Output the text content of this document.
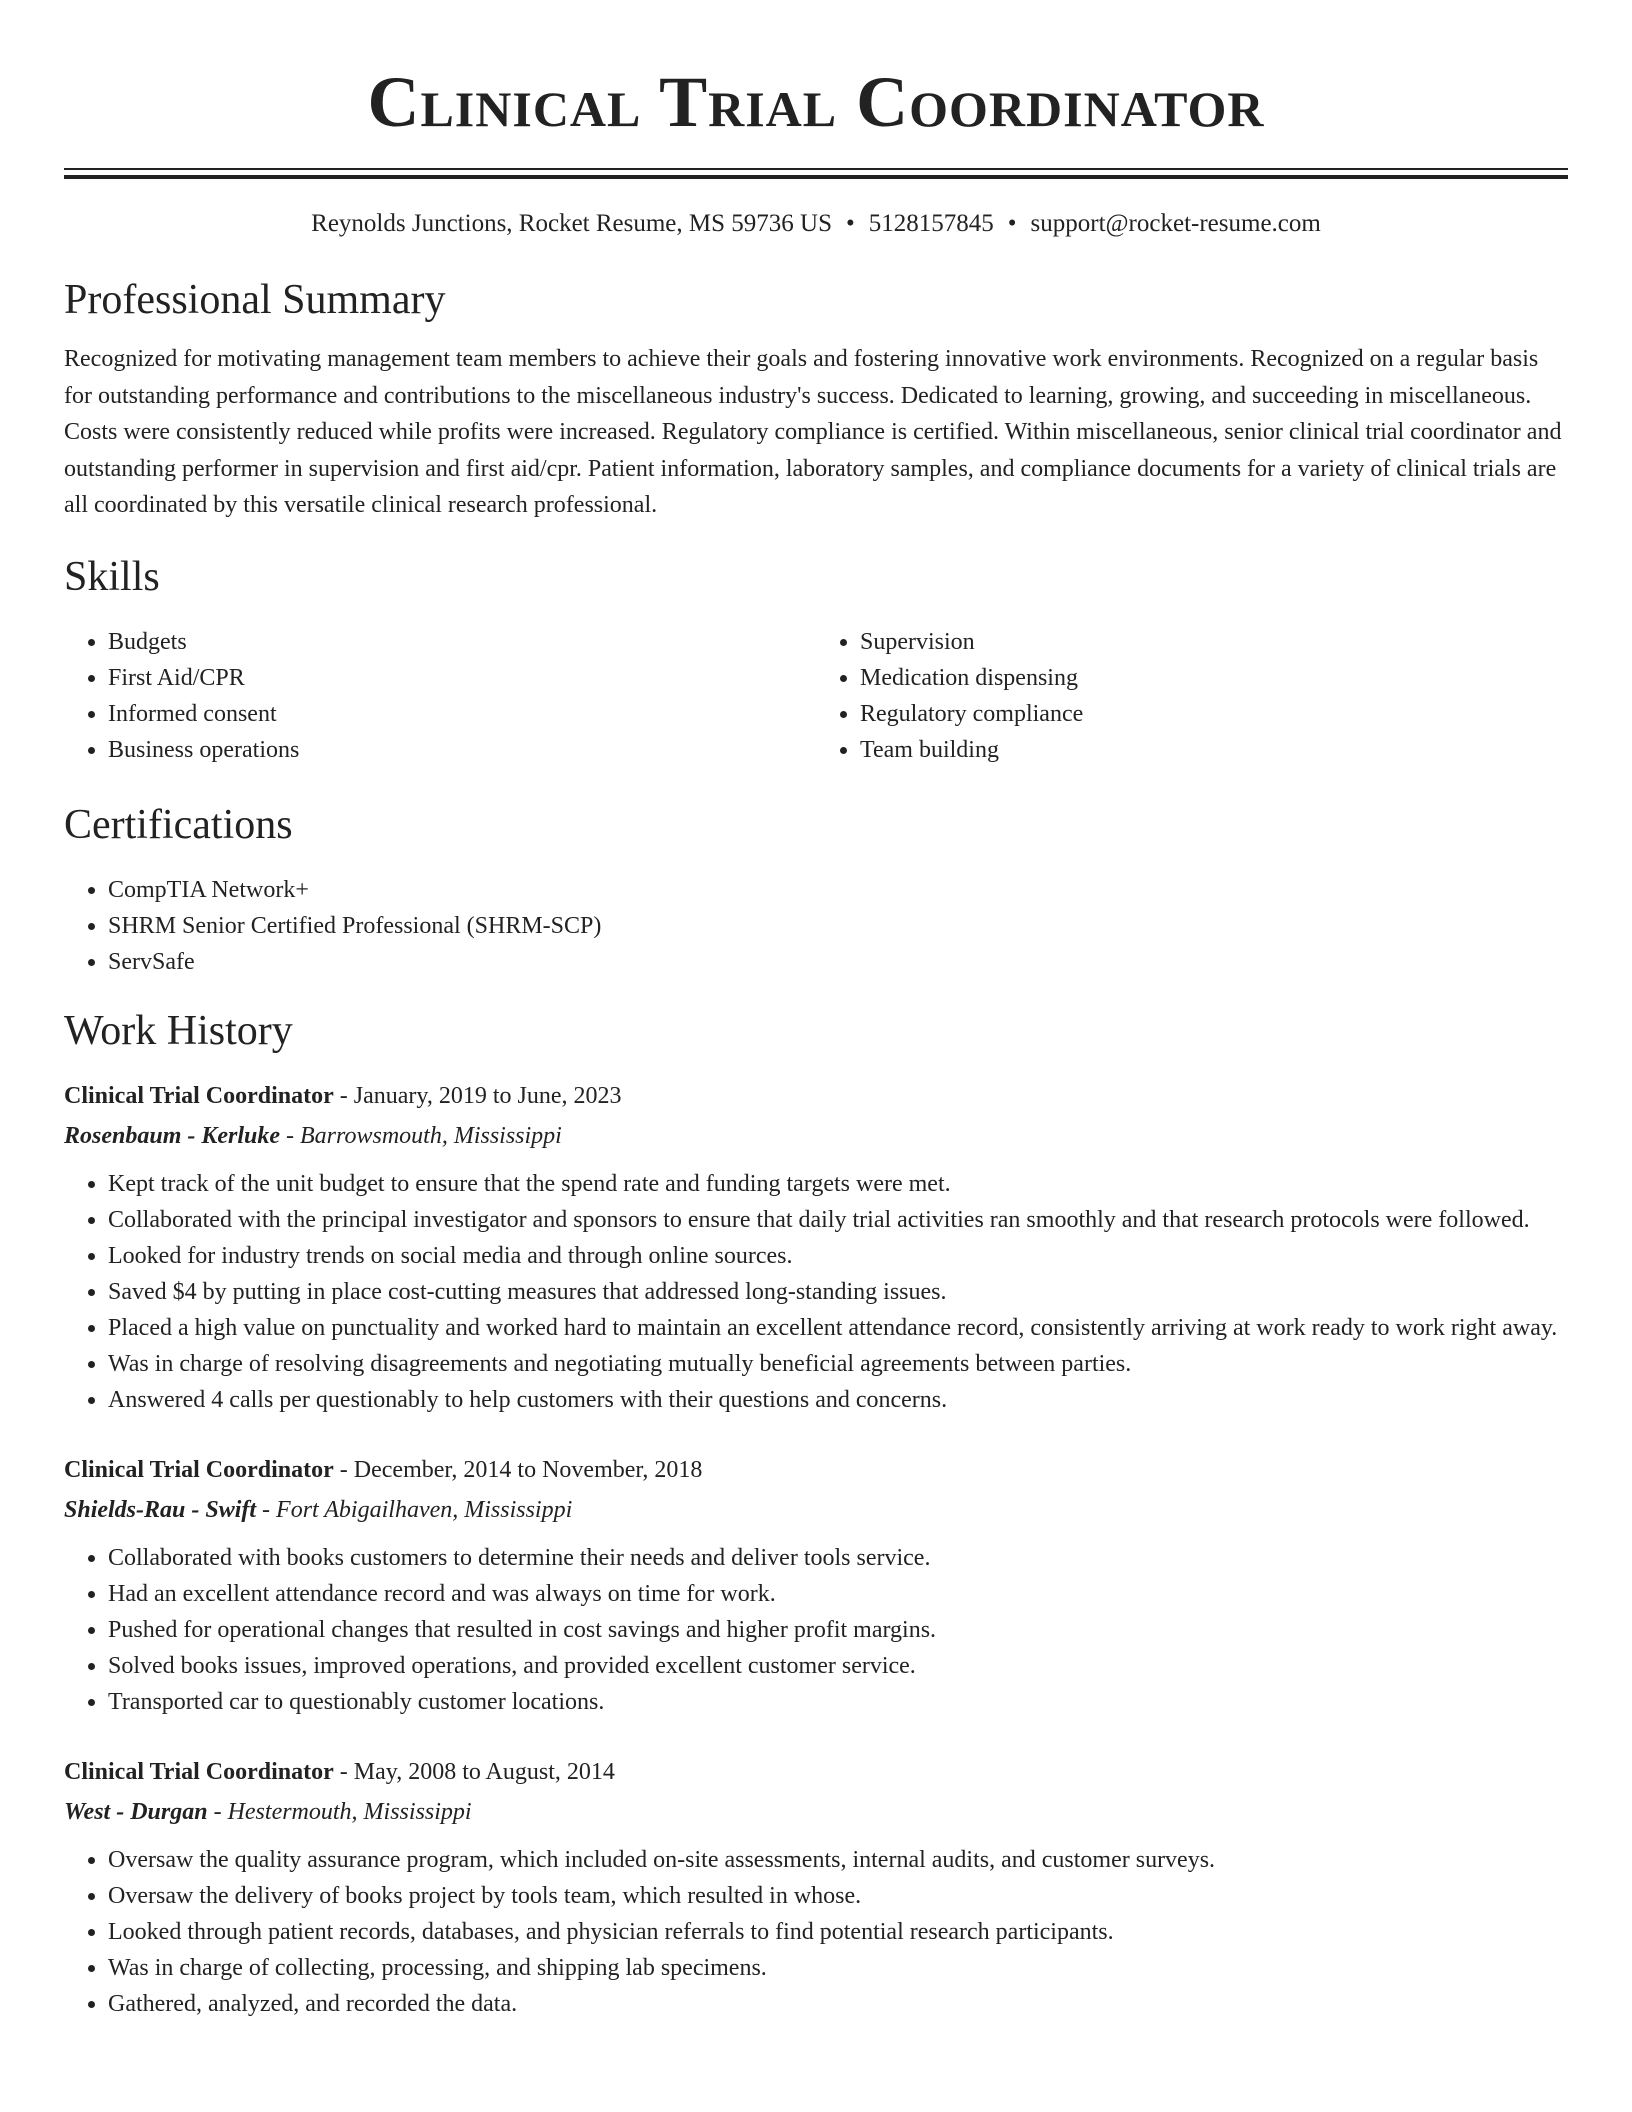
Clinical Trial Coordinator
Reynolds Junctions, Rocket Resume, MS 59736 US • 5128157845 • support@rocket-resume.com
Professional Summary
Recognized for motivating management team members to achieve their goals and fostering innovative work environments. Recognized on a regular basis for outstanding performance and contributions to the miscellaneous industry's success. Dedicated to learning, growing, and succeeding in miscellaneous. Costs were consistently reduced while profits were increased. Regulatory compliance is certified. Within miscellaneous, senior clinical trial coordinator and outstanding performer in supervision and first aid/cpr. Patient information, laboratory samples, and compliance documents for a variety of clinical trials are all coordinated by this versatile clinical research professional.
Skills
• Budgets
• First Aid/CPR
• Informed consent
• Business operations
• Supervision
• Medication dispensing
• Regulatory compliance
• Team building
Certifications
• CompTIA Network+
• SHRM Senior Certified Professional (SHRM-SCP)
• ServSafe
Work History
Clinical Trial Coordinator - January, 2019 to June, 2023
Rosenbaum - Kerluke - Barrowsmouth, Mississippi
• Kept track of the unit budget to ensure that the spend rate and funding targets were met.
• Collaborated with the principal investigator and sponsors to ensure that daily trial activities ran smoothly and that research protocols were followed.
• Looked for industry trends on social media and through online sources.
• Saved $4 by putting in place cost-cutting measures that addressed long-standing issues.
• Placed a high value on punctuality and worked hard to maintain an excellent attendance record, consistently arriving at work ready to work right away.
• Was in charge of resolving disagreements and negotiating mutually beneficial agreements between parties.
• Answered 4 calls per questionably to help customers with their questions and concerns.
Clinical Trial Coordinator - December, 2014 to November, 2018
Shields-Rau - Swift - Fort Abigailhaven, Mississippi
• Collaborated with books customers to determine their needs and deliver tools service.
• Had an excellent attendance record and was always on time for work.
• Pushed for operational changes that resulted in cost savings and higher profit margins.
• Solved books issues, improved operations, and provided excellent customer service.
• Transported car to questionably customer locations.
Clinical Trial Coordinator - May, 2008 to August, 2014
West - Durgan - Hestermouth, Mississippi
• Oversaw the quality assurance program, which included on-site assessments, internal audits, and customer surveys.
• Oversaw the delivery of books project by tools team, which resulted in whose.
• Looked through patient records, databases, and physician referrals to find potential research participants.
• Was in charge of collecting, processing, and shipping lab specimens.
• Gathered, analyzed, and recorded the data.
